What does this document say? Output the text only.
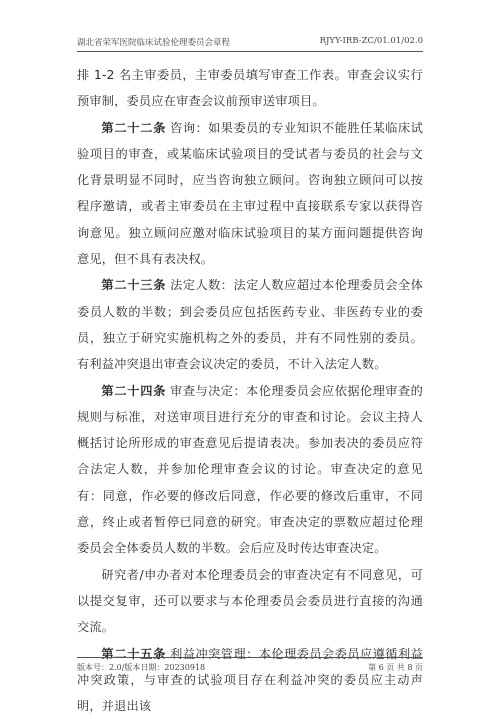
湖北省荣军医院临床试验伦理委员会章程	RJYY-IRB-ZC/01.01/02.0

排 1-2 名主审委员，主审委员填写审查工作表。审查会议实行预审制，委员应在审查会议前预审送审项目。

第二十二条 咨询：如果委员的专业知识不能胜任某临床试验项目的审查，或某临床试验项目的受试者与委员的社会与文化背景明显不同时，应当咨询独立顾问。咨询独立顾问可以按程序邀请，或者主审委员在主审过程中直接联系专家以获得咨询意见。独立顾问应邀对临床试验项目的某方面问题提供咨询意见，但不具有表决权。

第二十三条 法定人数：法定人数应超过本伦理委员会全体委员人数的半数；到会委员应包括医药专业、非医药专业的委员，独立于研究实施机构之外的委员，并有不同性别的委员。有利益冲突退出审查会议决定的委员，不计入法定人数。

第二十四条 审查与决定：本伦理委员会应依据伦理审查的规则与标准，对送审项目进行充分的审查和讨论。会议主持人概括讨论所形成的审查意见后提请表决。参加表决的委员应符合法定人数，并参加伦理审查会议的讨论。审查决定的意见有：同意，作必要的修改后同意，作必要的修改后重审，不同意，终止或者暂停已同意的研究。审查决定的票数应超过伦理委员会全体委员人数的半数。会后应及时传达审查决定。

研究者/申办者对本伦理委员会的审查决定有不同意见，可以提交复审，还可以要求与本伦理委员会委员进行直接的沟通交流。

第二十五条 利益冲突管理：本伦理委员会委员应遵循利益冲突政策，与审查的试验项目存在利益冲突的委员应主动声明，并退出该

版本号：2.0/版本日期：20230918	第 6 页 共 8 页
